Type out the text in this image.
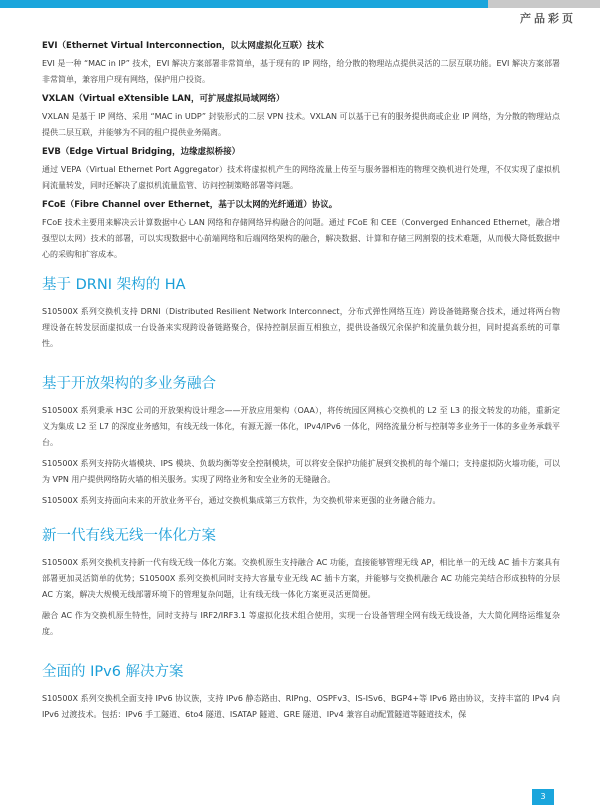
产品彩页
EVI（Ethernet Virtual Interconnection，以太网虚拟化互联）技术

EVI 是一种 “MAC in IP” 技术，EVI 解决方案部署非常简单，基于现有的 IP 网络，给分散的物理站点提供灵活的二层互联功能。EVI 解决方案部署非常简单，兼容用户现有网络，保护用户投资。

VXLAN（Virtual eXtensible LAN，可扩展虚拟局域网络）

VXLAN 是基于 IP 网络、采用 “MAC in UDP” 封装形式的二层 VPN 技术。VXLAN 可以基于已有的服务提供商或企业 IP 网络，为分散的物理站点提供二层互联，并能够为不同的租户提供业务隔离。

EVB（Edge Virtual Bridging，边缘虚拟桥接）

通过 VEPA（Virtual Ethernet Port Aggregator）技术将虚拟机产生的网络流量上传至与服务器相连的物理交换机进行处理，不仅实现了虚拟机间流量转发，同时还解决了虚拟机流量监管、访问控制策略部署等问题。

FCoE（Fibre Channel over Ethernet，基于以太网的光纤通道）协议。

FCoE 技术主要用来解决云计算数据中心 LAN 网络和存储网络异构融合的问题。通过 FCoE 和 CEE（Converged Enhanced Ethernet，融合增强型以太网）技术的部署，可以实现数据中心前端网络和后端网络架构的融合，解决数据、计算和存储三网割裂的技术难题，从而极大降低数据中心的采购和扩容成本。

基于 DRNI 架构的 HA

S10500X 系列交换机支持 DRNI（Distributed Resilient Network Interconnect，分布式弹性网络互连）跨设备链路聚合技术，通过将两台物理设备在转发层面虚拟成一台设备来实现跨设备链路聚合，保持控制层面互相独立，提供设备级冗余保护和流量负载分担，同时提高系统的可靠性。

基于开放架构的多业务融合

S10500X 系列秉承 H3C 公司的开放架构设计理念——开放应用架构（OAA），将传统园区网核心交换机的 L2 至 L3 的报文转发的功能，重新定义为集成 L2 至 L7 的深度业务感知，有线无线一体化，有源无源一体化，IPv4/IPv6 一体化，网络流量分析与控制等多业务于一体的多业务承载平台。

S10500X 系列支持防火墙模块、IPS 模块、负载均衡等安全控制模块，可以将安全保护功能扩展到交换机的每个端口；支持虚拟防火墙功能，可以为 VPN 用户提供网络防火墙的相关服务。实现了网络业务和安全业务的无缝融合。

S10500X 系列支持面向未来的开放业务平台，通过交换机集成第三方软件，为交换机带来更强的业务融合能力。

新一代有线无线一体化方案

S10500X 系列交换机支持新一代有线无线一体化方案。交换机原生支持融合 AC 功能，直接能够管理无线 AP，相比单一的无线 AC 插卡方案具有部署更加灵活简单的优势；S10500X 系列交换机同时支持大容量专业无线 AC 插卡方案，并能够与交换机融合 AC 功能完美结合形成独特的分层 AC 方案，解决大规模无线部署环境下的管理复杂问题，让有线无线一体化方案更灵活更简便。

融合 AC 作为交换机原生特性，同时支持与 IRF2/IRF3.1 等虚拟化技术组合使用，实现一台设备管理全网有线无线设备，大大简化网络运维复杂度。

全面的 IPv6 解决方案

S10500X 系列交换机全面支持 IPv6 协议族，支持 IPv6 静态路由、RIPng、OSPFv3、IS-ISv6、BGP4+等 IPv6 路由协议，支持丰富的 IPv4 向 IPv6 过渡技术。包括：IPv6 手工隧道、6to4 隧道、ISATAP 隧道、GRE 隧道、IPv4 兼容自动配置隧道等隧道技术，保

3
